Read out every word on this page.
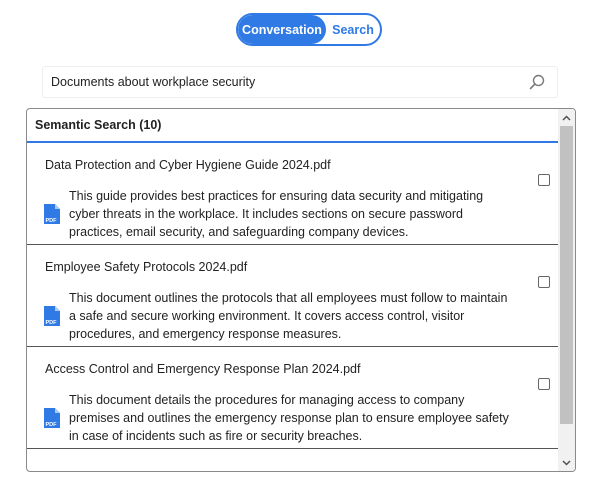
Conversation Search
Documents about workplace security
Semantic Search (10)
Data Protection and Cyber Hygiene Guide 2024.pdf
This guide provides best practices for ensuring data security and mitigating cyber threats in the workplace. It includes sections on secure password practices, email security, and safeguarding company devices.
PDF
Employee Safety Protocols 2024.pdf
This document outlines the protocols that all employees must follow to maintain a safe and secure working environment. It covers access control, visitor procedures, and emergency response measures.
PDF
Access Control and Emergency Response Plan 2024.pdf
This document details the procedures for managing access to company premises and outlines the emergency response plan to ensure employee safety in case of incidents such as fire or security breaches.
PDF
